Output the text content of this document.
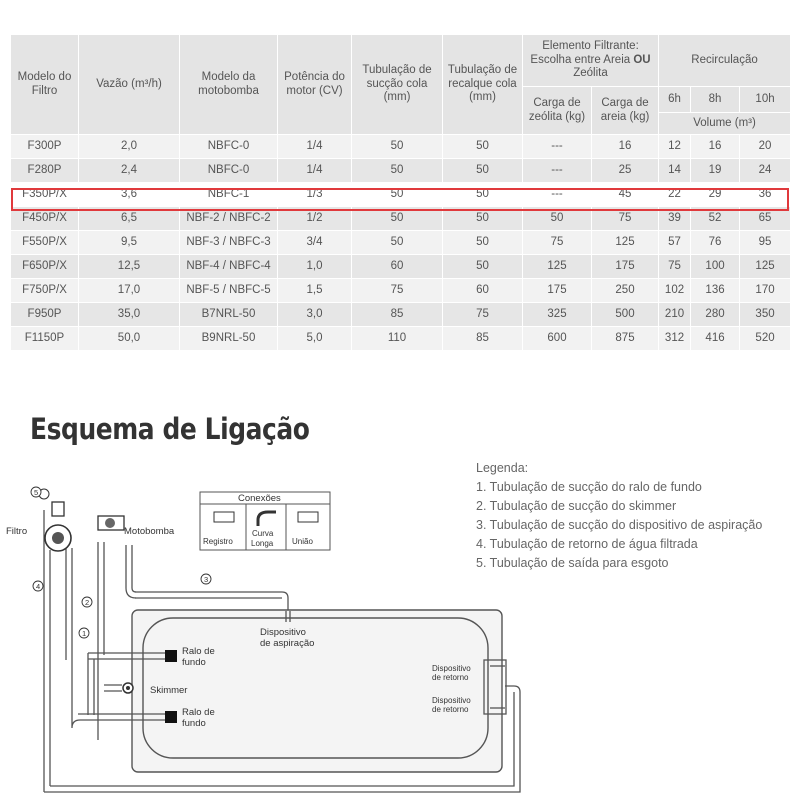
Modelo do Filtro	Vazão (m³/h)	Modelo da motobomba	Potência do motor (CV)	Tubulação de sucção cola (mm)	Tubulação de recalque cola (mm)	Elemento Filtrante: Escolha entre Areia OU Zeólita		Recirculação		
						Carga de zeólita (kg)	Carga de areia (kg)	6h	8h	10h
								Volume (m³)		
F300P	2,0	NBFC-0	1/4	50	50	---	16	12	16	20
F280P	2,4	NBFC-0	1/4	50	50	---	25	14	19	24
F350P/X	3,6	NBFC-1	1/3	50	50	---	45	22	29	36
F450P/X	6,5	NBF-2 / NBFC-2	1/2	50	50	50	75	39	52	65
F550P/X	9,5	NBF-3 / NBFC-3	3/4	50	50	75	125	57	76	95
F650P/X	12,5	NBF-4 / NBFC-4	1,0	60	50	125	175	75	100	125
F750P/X	17,0	NBF-5 / NBFC-5	1,5	75	60	175	250	102	136	170
F950P	35,0	B7NRL-50	3,0	85	75	325	500	210	280	350
F1150P	50,0	B9NRL-50	5,0	110	85	600	875	312	416	520
Esquema de Ligação
Legenda:
1. Tubulação de sucção do ralo de fundo
2. Tubulação de sucção do skimmer
3. Tubulação de sucção do dispositivo de aspiração
4. Tubulação de retorno de água filtrada
5. Tubulação de saída para esgoto
5
4
1
2
3
Filtro	Motobomba
Conexões
Registro
Curva
Longa União
Dispositivo
de aspiração
Ralo de
fundo
Skimmer
Ralo de
fundo
Dispositivo
de retorno
Dispositivo
de retorno
